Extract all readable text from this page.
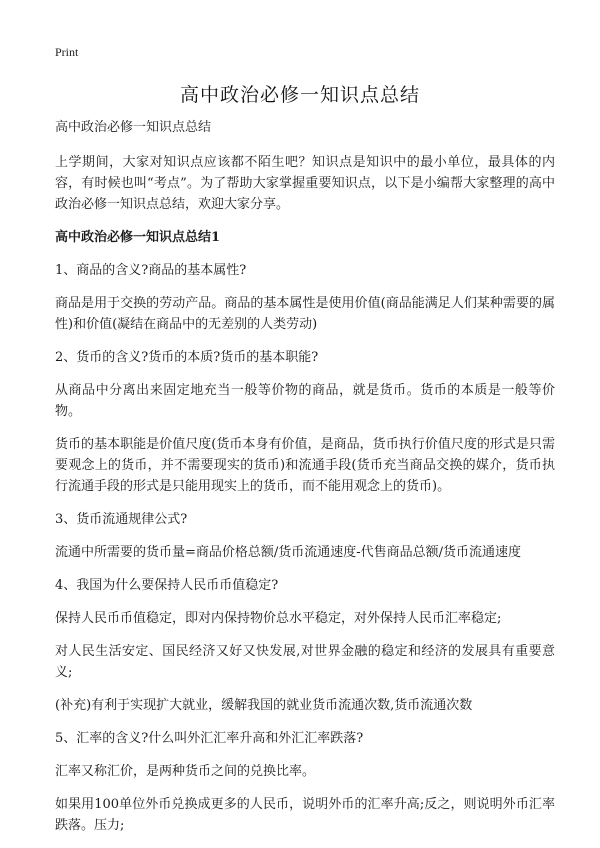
Print
高中政治必修一知识点总结

高中政治必修一知识点总结

上学期间，大家对知识点应该都不陌生吧？知识点是知识中的最小单位，最具体的内容，有时候也叫“考点”。为了帮助大家掌握重要知识点，以下是小编帮大家整理的高中政治必修一知识点总结，欢迎大家分享。

高中政治必修一知识点总结1

1、商品的含义?商品的基本属性?

商品是用于交换的劳动产品。商品的基本属性是使用价值(商品能满足人们某种需要的属性)和价值(凝结在商品中的无差别的人类劳动)

2、货币的含义?货币的本质?货币的基本职能?

从商品中分离出来固定地充当一般等价物的商品，就是货币。货币的本质是一般等价物。

货币的基本职能是价值尺度(货币本身有价值，是商品，货币执行价值尺度的形式是只需要观念上的货币，并不需要现实的货币)和流通手段(货币充当商品交换的媒介，货币执行流通手段的形式是只能用现实上的货币，而不能用观念上的货币)。

3、货币流通规律公式?

流通中所需要的货币量=商品价格总额/货币流通速度-代售商品总额/货币流通速度

4、我国为什么要保持人民币币值稳定?

保持人民币币值稳定，即对内保持物价总水平稳定，对外保持人民币汇率稳定;

对人民生活安定、国民经济又好又快发展,对世界金融的稳定和经济的发展具有重要意义;

(补充)有利于实现扩大就业，缓解我国的就业货币流通次数,货币流通次数

5、汇率的含义?什么叫外汇汇率升高和外汇汇率跌落?

汇率又称汇价，是两种货币之间的兑换比率。

如果用100单位外币兑换成更多的人民币，说明外币的汇率升高;反之，则说明外币汇率跌落。压力;
